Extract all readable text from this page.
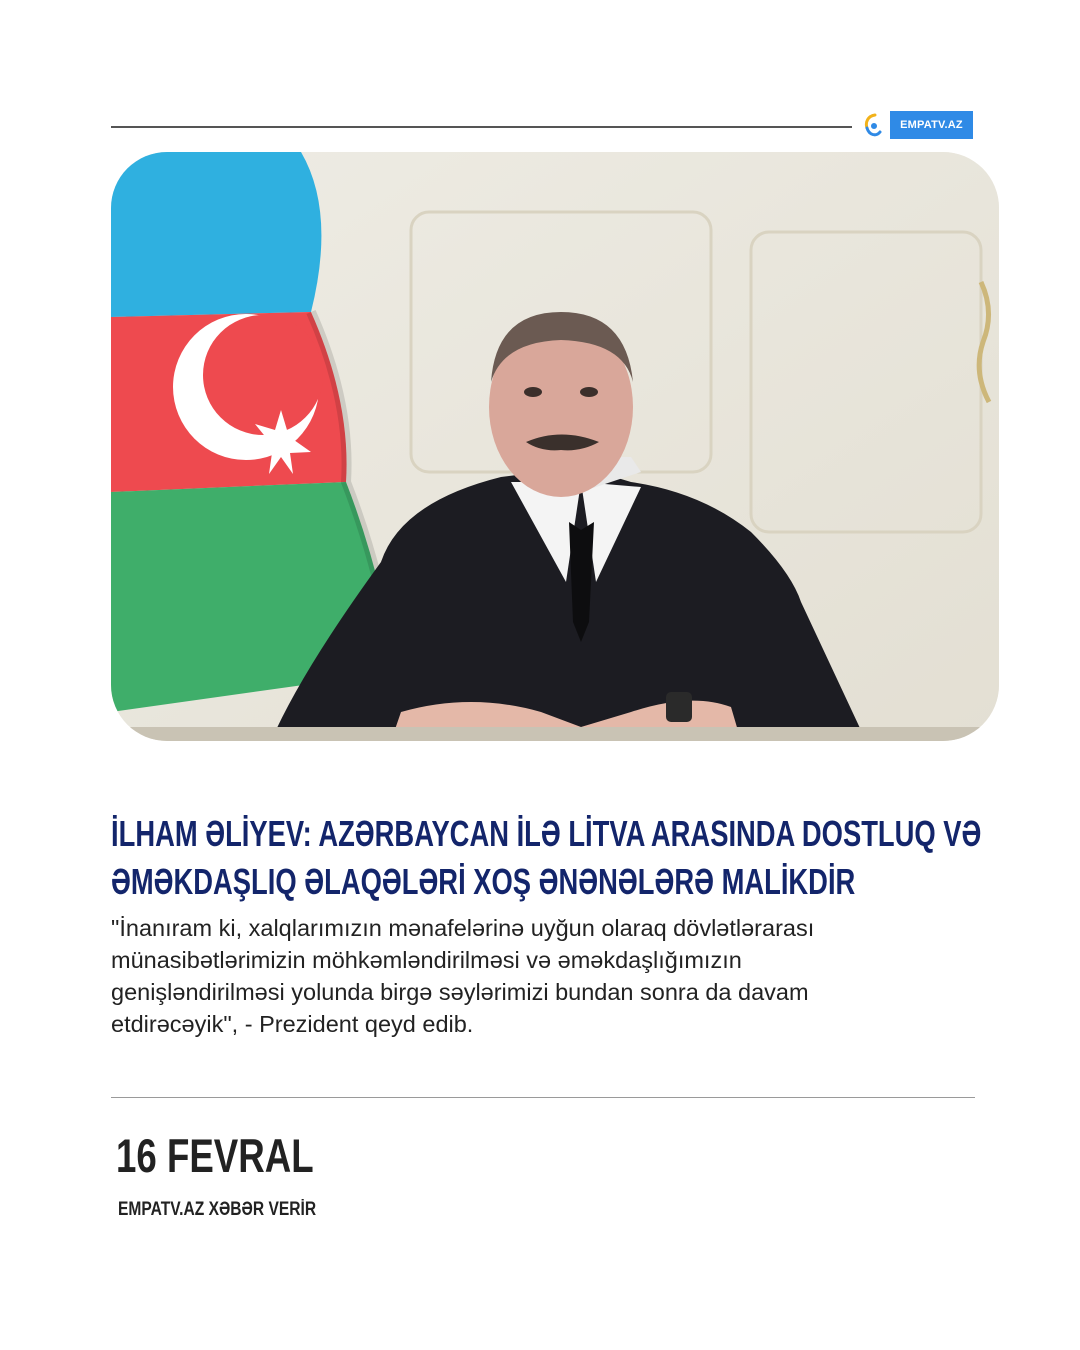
EMPATV.AZ
İLHAM ƏLİYEV: AZƏRBAYCAN İLƏ LİTVA ARASINDA DOSTLUQ VƏ ƏMƏKDAŞLIQ ƏLAQƏLƏRİ XOŞ ƏNƏNƏLƏRƏ MALİKDİR
"İnanıram ki, xalqlarımızın mənafelərinə uyğun olaraq dövlətlərarası münasibətlərimizin möhkəmləndirilməsi və əməkdaşlığımızın genişləndirilməsi yolunda birgə səylərimizi bundan sonra da davam etdirəcəyik", - Prezident qeyd edib.
16 FEVRAL
EMPATV.AZ XƏBƏR VERİR
